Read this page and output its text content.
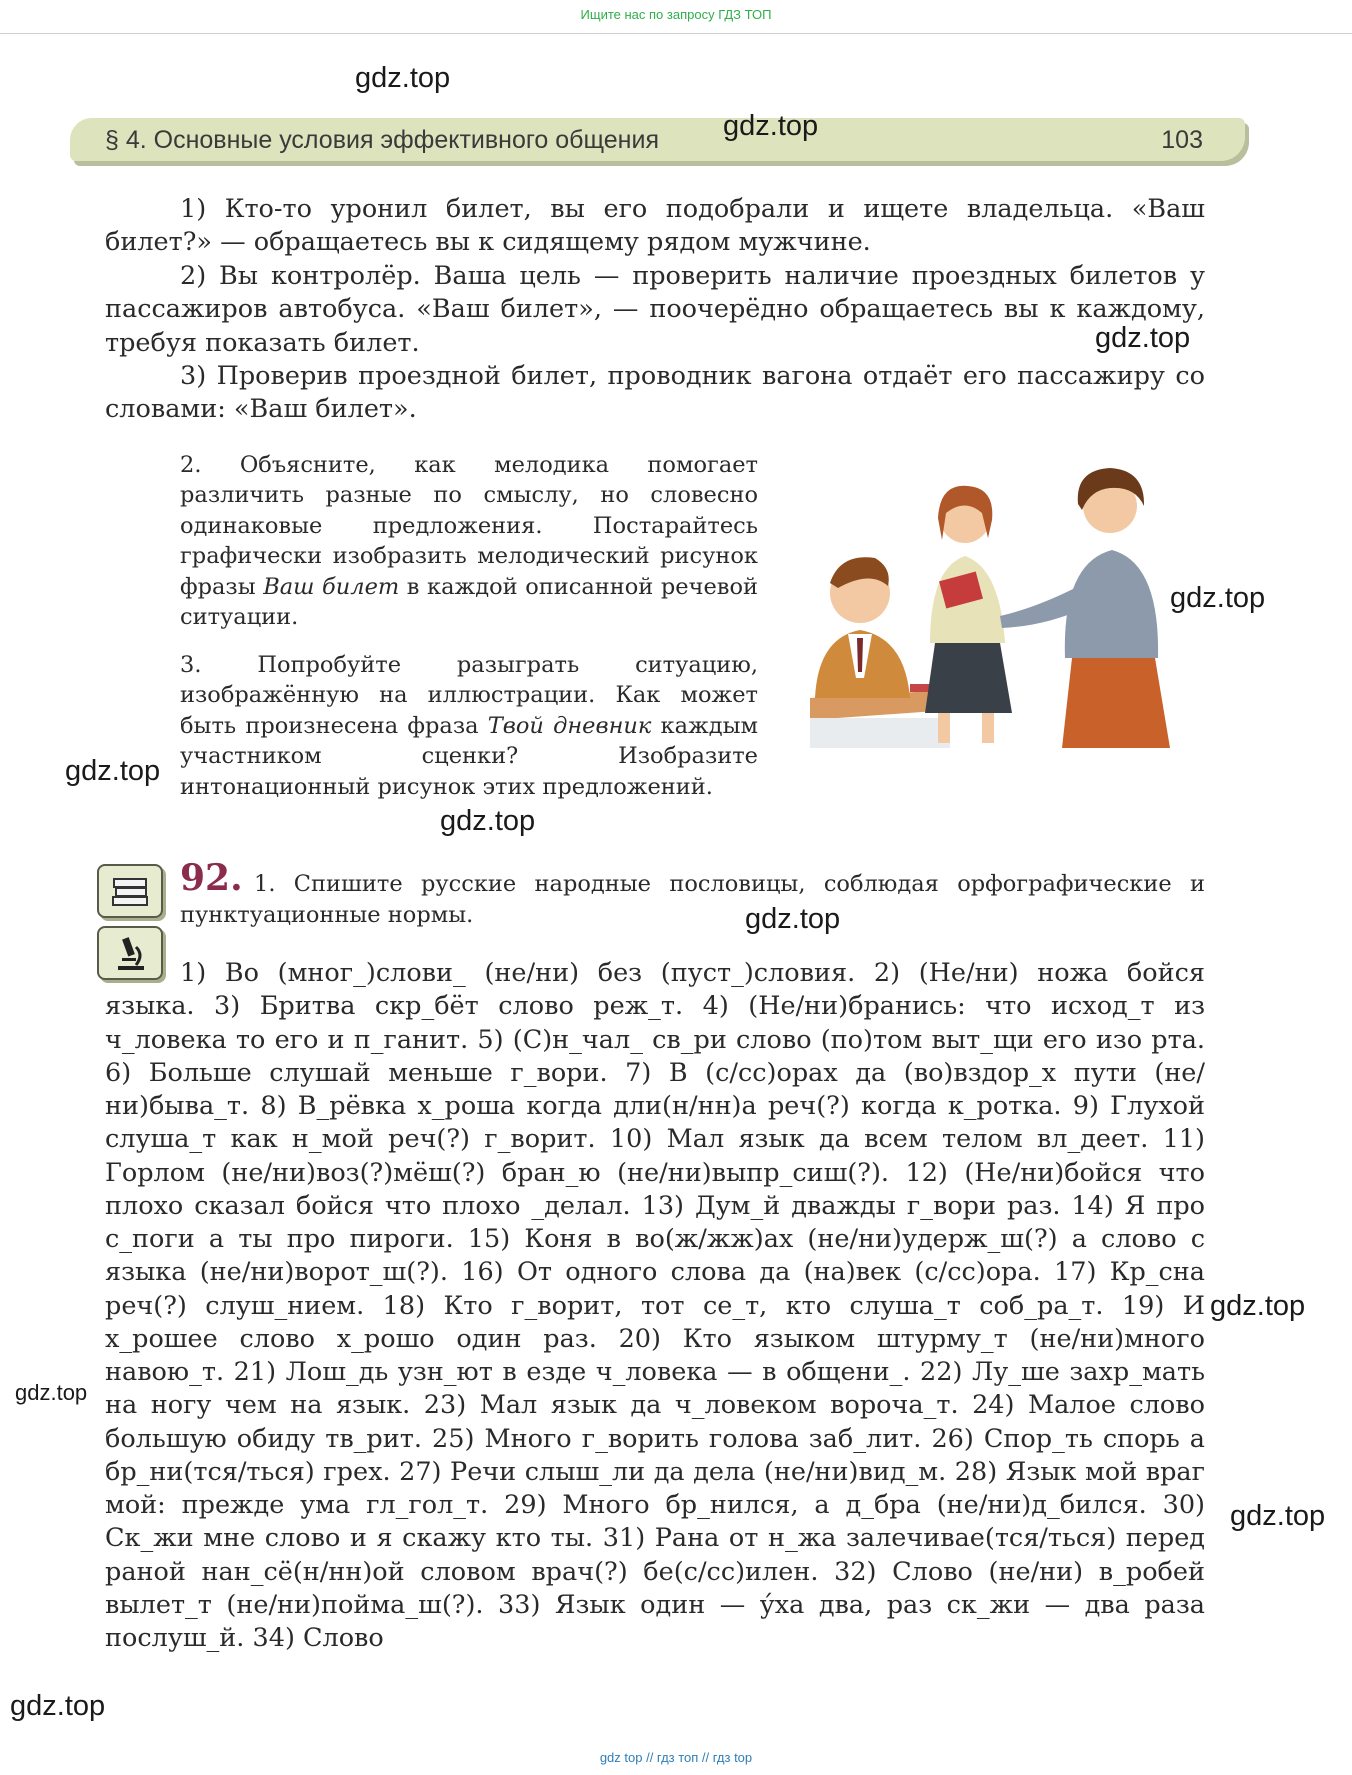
Ищите нас по запросу ГДЗ ТОП
§ 4. Основные условия эффективного общения	103

1) Кто-то уронил билет, вы его подобрали и ищете владельца. «Ваш билет?» — обращаетесь вы к сидящему рядом мужчине.

2) Вы контролёр. Ваша цель — проверить наличие проездных билетов у пассажиров автобуса. «Ваш билет», — поочерёдно обращаетесь вы к каждому, требуя показать билет.

3) Проверив проездной билет, проводник вагона отдаёт его пассажиру со словами: «Ваш билет».

2. Объясните, как мелодика помогает различить разные по смыслу, но словесно одинаковые предложения. Постарайтесь графически изобразить мелодический рисунок фразы Ваш билет в каждой описанной речевой ситуации.

3. Попробуйте разыграть ситуацию, изображённую на иллюстрации. Как может быть произнесена фраза Твой дневник каждым участником сценки? Изобразите интонационный рисунок этих предложений.

92. 1. Спишите русские народные пословицы, соблюдая орфографические и пунктуационные нормы.

1) Во (мног_)слови_ (не/ни) без (пуст_)словия. 2) (Не/ни) ножа бойся языка. 3) Бритва скр_бёт слово реж_т. 4) (Не/ни)бранись: что исход_т из ч_ловека то его и п_ганит. 5) (С)н_чал_ св_ри слово (по)том выт_щи его изо рта. 6) Больше слушай меньше г_вори. 7) В (с/сс)орах да (во)вздор_х пути (не/ни)быва_т. 8) В_рёвка х_роша когда дли(н/нн)а реч(?) когда к_ротка. 9) Глухой слуша_т как н_мой реч(?) г_ворит. 10) Мал язык да всем телом вл_деет. 11) Горлом (не/ни)воз(?)мёш(?) бран_ю (не/ни)выпр_сиш(?). 12) (Не/ни)бойся что плохо сказал бойся что плохо _делал. 13) Дум_й дважды г_вори раз. 14) Я про с_поги а ты про пироги. 15) Коня в во(ж/жж)ах (не/ни)удерж_ш(?) а слово с языка (не/ни)ворот_ш(?). 16) От одного слова да (на)век (с/сс)ора. 17) Кр_сна реч(?) слуш_нием. 18) Кто г_ворит, тот се_т, кто слуша_т соб_ра_т. 19) И х_рошее слово х_рошо один раз. 20) Кто языком штурму_т (не/ни)много навою_т. 21) Лош_дь узн_ют в езде ч_ловека — в общени_. 22) Лу_ше захр_мать на ногу чем на язык. 23) Мал язык да ч_ловеком вороча_т. 24) Малое слово большую обиду тв_рит. 25) Много г_ворить голова заб_лит. 26) Спор_ть спорь а бр_ни(тся/ться) грех. 27) Речи слыш_ли да дела (не/ни)вид_м. 28) Язык мой враг мой: прежде ума гл_гол_т. 29) Много бр_нился, а д_бра (не/ни)д_бился. 30) Ск_жи мне слово и я скажу кто ты. 31) Рана от н_жа залечивае(тся/ться) перед раной нан_сё(н/нн)ой словом врач(?) бе(с/сс)илен. 32) Слово (не/ни) в_робей вылет_т (не/ни)пойма_ш(?). 33) Язык один — у́ха два, раз ск_жи — два раза послуш_й. 34) Слово

gdz.top
gdz.top
gdz.top
gdz.top
gdz.top
gdz.top
gdz.top
gdz.top
gdz.top
gdz.top
gdz.top
gdz top // гдз топ // гдз top
